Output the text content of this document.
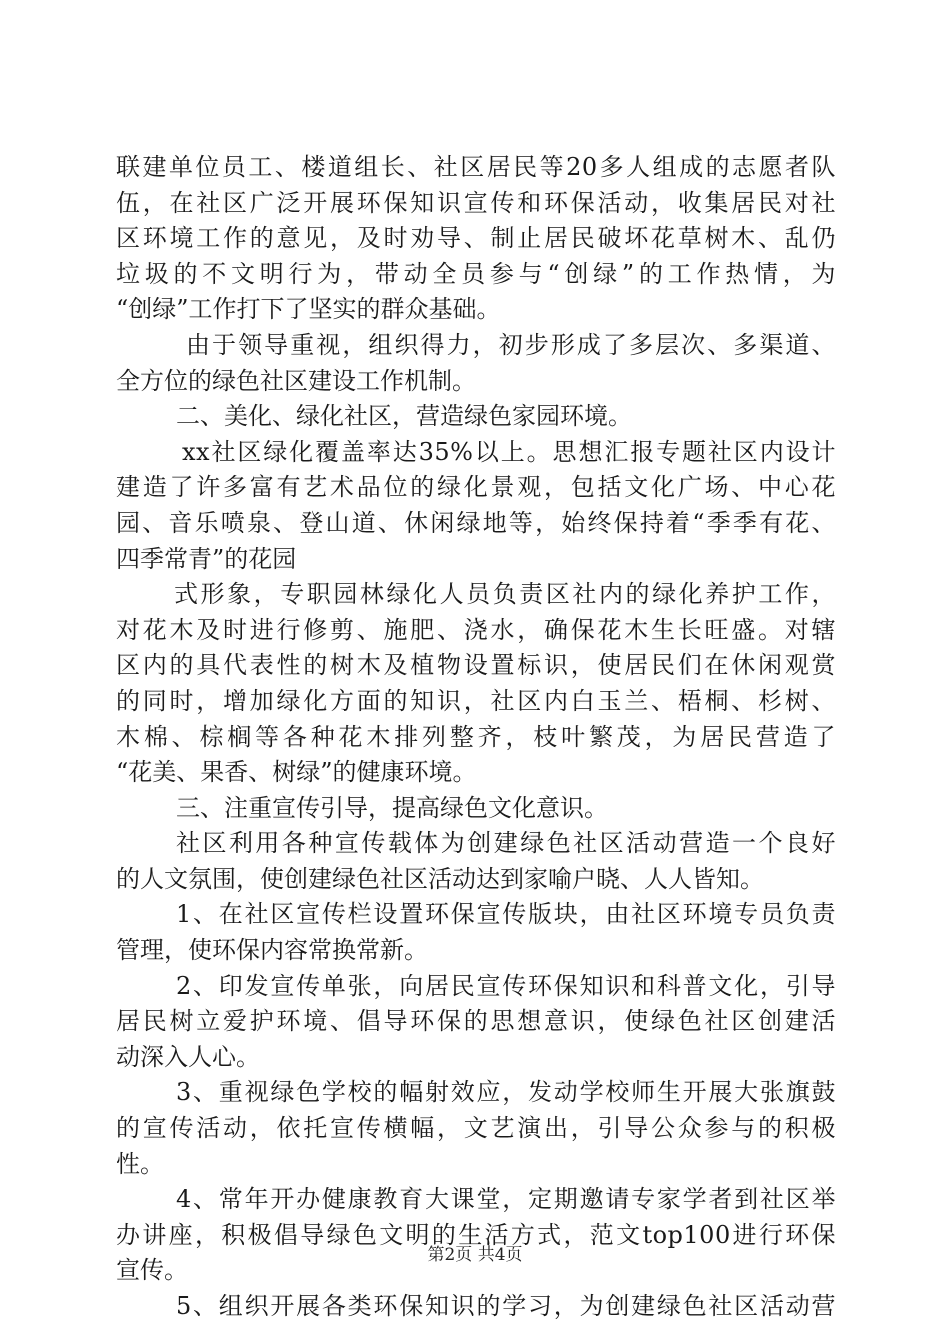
联建单位员工、楼道组长、社区居民等20多人组成的志愿者队
伍，在社区广泛开展环保知识宣传和环保活动，收集居民对社
区环境工作的意见，及时劝导、制止居民破坏花草树木、乱仍
垃圾的不文明行为，带动全员参与“创绿”的工作热情，为
“创绿”工作打下了坚实的群众基础。
由于领导重视，组织得力，初步形成了多层次、多渠道、
全方位的绿色社区建设工作机制。
二、美化、绿化社区，营造绿色家园环境。
xx社区绿化覆盖率达35%以上。思想汇报专题社区内设计
建造了许多富有艺术品位的绿化景观，包括文化广场、中心花
园、音乐喷泉、登山道、休闲绿地等，始终保持着“季季有花、
四季常青”的花园
式形象，专职园林绿化人员负责区社内的绿化养护工作，
对花木及时进行修剪、施肥、浇水，确保花木生长旺盛。对辖
区内的具代表性的树木及植物设置标识，使居民们在休闲观赏
的同时，增加绿化方面的知识，社区内白玉兰、梧桐、杉树、
木棉、棕榈等各种花木排列整齐，枝叶繁茂，为居民营造了
“花美、果香、树绿”的健康环境。
三、注重宣传引导，提高绿色文化意识。
社区利用各种宣传载体为创建绿色社区活动营造一个良好
的人文氛围，使创建绿色社区活动达到家喻户晓、人人皆知。
1、在社区宣传栏设置环保宣传版块，由社区环境专员负责
管理，使环保内容常换常新。
2、印发宣传单张，向居民宣传环保知识和科普文化，引导
居民树立爱护环境、倡导环保的思想意识，使绿色社区创建活
动深入人心。
3、重视绿色学校的幅射效应，发动学校师生开展大张旗鼓
的宣传活动，依托宣传横幅，文艺演出，引导公众参与的积极
性。
4、常年开办健康教育大课堂，定期邀请专家学者到社区举
办讲座，积极倡导绿色文明的生活方式，范文top100进行环保
宣传。
5、组织开展各类环保知识的学习，为创建绿色社区活动营
第2页 共4页
